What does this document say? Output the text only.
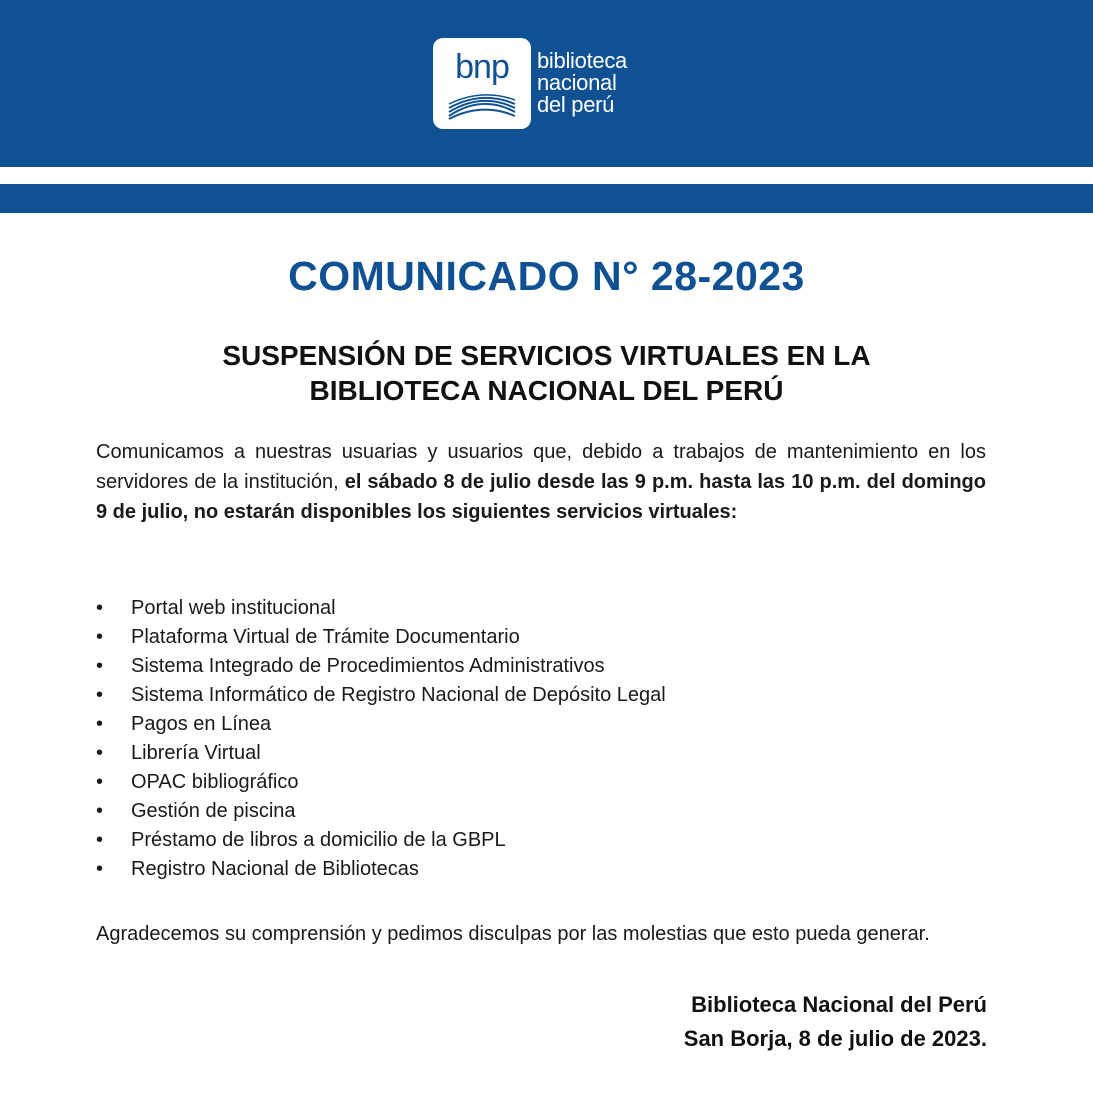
bnp	biblioteca
nacional
del perú
COMUNICADO N° 28-2023
SUSPENSIÓN DE SERVICIOS VIRTUALES EN LA
BIBLIOTECA NACIONAL DEL PERÚ
Comunicamos a nuestras usuarias y usuarios que, debido a trabajos de mantenimiento en los servidores de la institución, el sábado 8 de julio desde las 9 p.m. hasta las 10 p.m. del domingo 9 de julio, no estarán disponibles los siguientes servicios virtuales:
• Portal web institucional
• Plataforma Virtual de Trámite Documentario
• Sistema Integrado de Procedimientos Administrativos
• Sistema Informático de Registro Nacional de Depósito Legal
• Pagos en Línea
• Librería Virtual
• OPAC bibliográfico
• Gestión de piscina
• Préstamo de libros a domicilio de la GBPL
• Registro Nacional de Bibliotecas
Agradecemos su comprensión y pedimos disculpas por las molestias que esto pueda generar.
Biblioteca Nacional del Perú
San Borja, 8 de julio de 2023.
